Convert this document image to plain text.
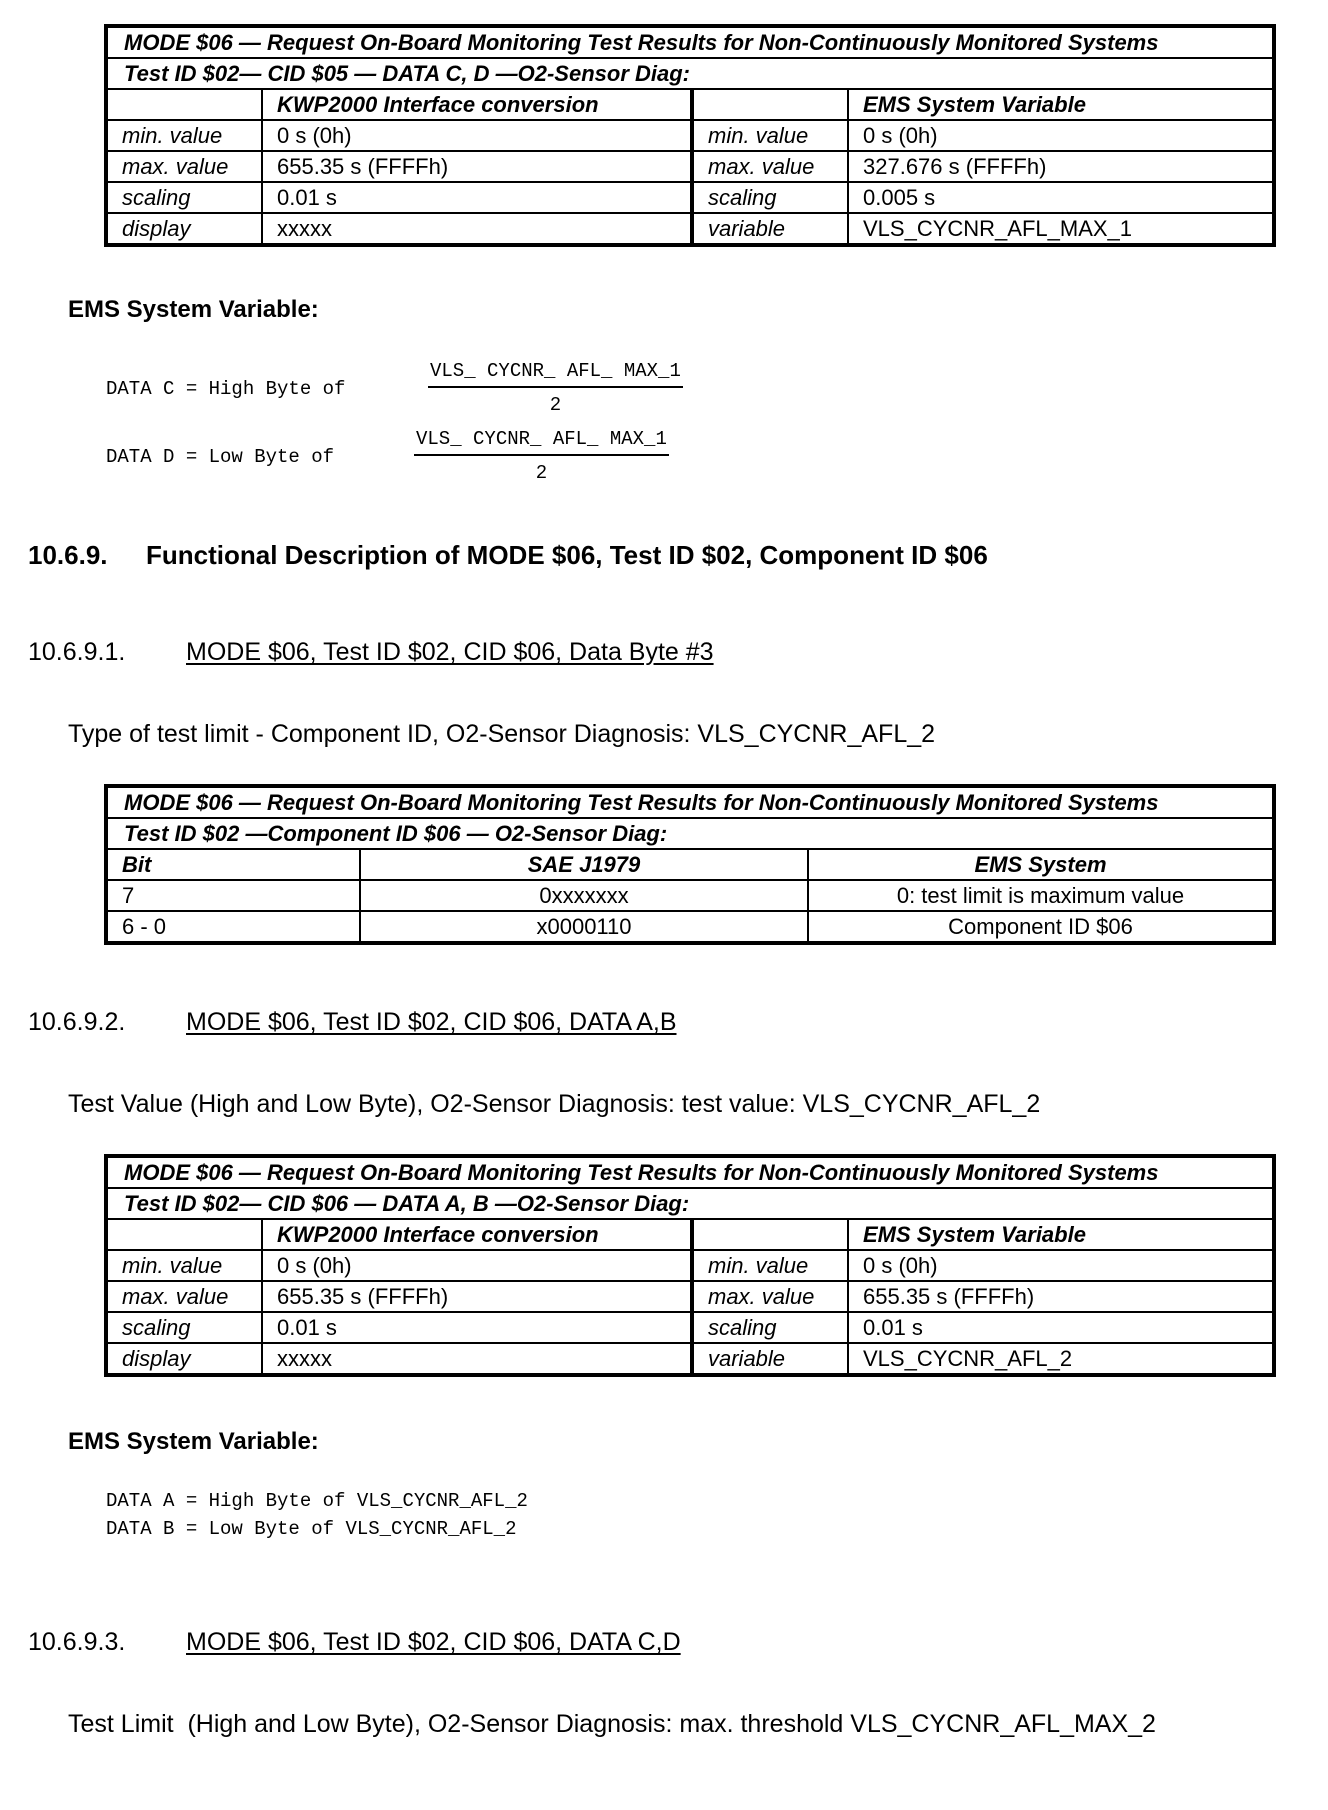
MODE $06 — Request On-Board Monitoring Test Results for Non-Continuously Monitored Systems			
Test ID $02— CID $05 — DATA C, D —O2-Sensor Diag:			
	KWP2000 Interface conversion		EMS System Variable
min. value	0 s (0h)	min. value	0 s (0h)
max. value	655.35 s (FFFFh)	max. value	327.676 s (FFFFh)
scaling	0.01 s	scaling	0.005 s
display	xxxxx	variable	VLS_CYCNR_AFL_MAX_1
EMS System Variable:
DATA C = High Byte of
VLS_ CYCNR_ AFL_ MAX_1
2
DATA D = Low Byte of
VLS_ CYCNR_ AFL_ MAX_1
2
10.6.9. Functional Description of MODE $06, Test ID $02, Component ID $06
10.6.9.1. MODE $06, Test ID $02, CID $06, Data Byte #3
Type of test limit - Component ID, O2-Sensor Diagnosis: VLS_CYCNR_AFL_2
MODE $06 — Request On-Board Monitoring Test Results for Non-Continuously Monitored Systems		
Test ID $02 —Component ID $06 — O2-Sensor Diag:		
Bit	SAE J1979	EMS System
7	0xxxxxxx	0: test limit is maximum value
6 - 0	x0000110	Component ID $06
10.6.9.2. MODE $06, Test ID $02, CID $06, DATA A,B
Test Value (High and Low Byte), O2-Sensor Diagnosis: test value: VLS_CYCNR_AFL_2
MODE $06 — Request On-Board Monitoring Test Results for Non-Continuously Monitored Systems			
Test ID $02— CID $06 — DATA A, B —O2-Sensor Diag:			
	KWP2000 Interface conversion		EMS System Variable
min. value	0 s (0h)	min. value	0 s (0h)
max. value	655.35 s (FFFFh)	max. value	655.35 s (FFFFh)
scaling	0.01 s	scaling	0.01 s
display	xxxxx	variable	VLS_CYCNR_AFL_2
EMS System Variable:
DATA A = High Byte of VLS_CYCNR_AFL_2
DATA B = Low Byte of VLS_CYCNR_AFL_2
10.6.9.3. MODE $06, Test ID $02, CID $06, DATA C,D
Test Limit  (High and Low Byte), O2-Sensor Diagnosis: max. threshold VLS_CYCNR_AFL_MAX_2
